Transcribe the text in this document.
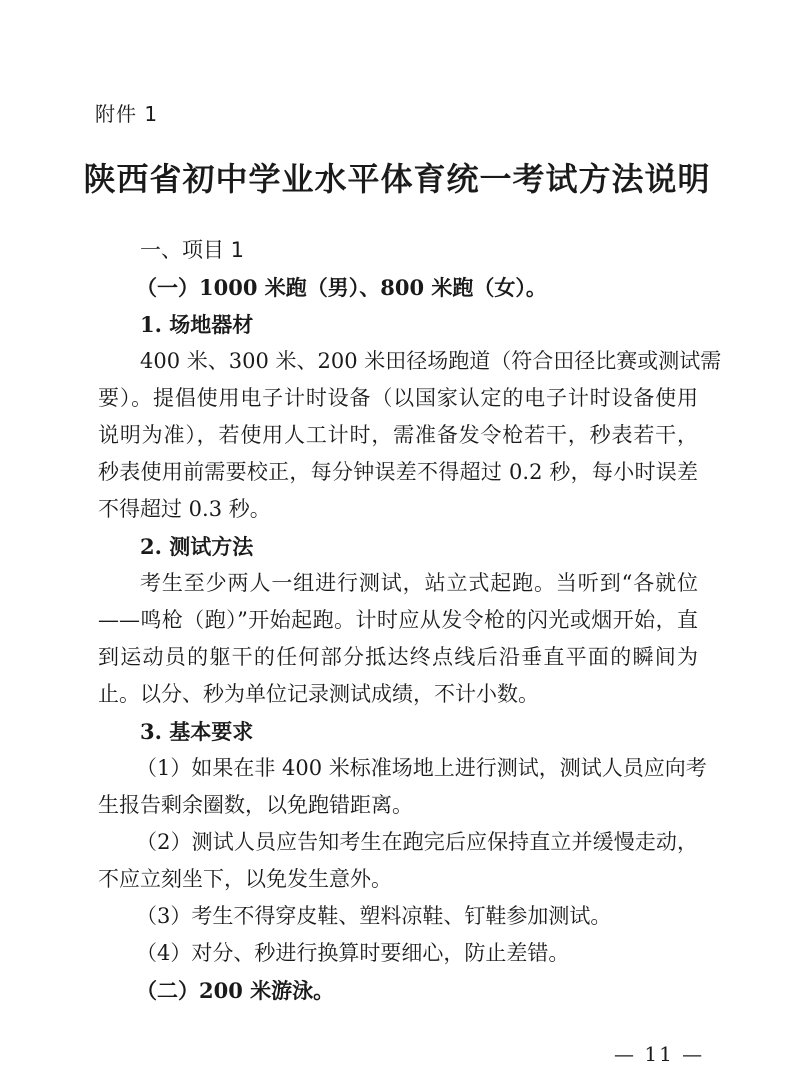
附件 1
陕西省初中学业水平体育统一考试方法说明
一、项目 1
（一）1000 米跑（男）、800 米跑（女）。
1. 场地器材
400 米、300 米、200 米田径场跑道（符合田径比赛或测试需
要）。提倡使用电子计时设备（以国家认定的电子计时设备使用
说明为准），若使用人工计时，需准备发令枪若干，秒表若干，
秒表使用前需要校正，每分钟误差不得超过 0.2 秒，每小时误差
不得超过 0.3 秒。
2. 测试方法
考生至少两人一组进行测试，站立式起跑。当听到“各就位
——鸣枪（跑）”开始起跑。计时应从发令枪的闪光或烟开始，直
到运动员的躯干的任何部分抵达终点线后沿垂直平面的瞬间为
止。以分、秒为单位记录测试成绩，不计小数。
3. 基本要求
（1）如果在非 400 米标准场地上进行测试，测试人员应向考
生报告剩余圈数，以免跑错距离。
（2）测试人员应告知考生在跑完后应保持直立并缓慢走动，
不应立刻坐下，以免发生意外。
（3）考生不得穿皮鞋、塑料凉鞋、钉鞋参加测试。
（4）对分、秒进行换算时要细心，防止差错。
（二）200 米游泳。
— 11 —
